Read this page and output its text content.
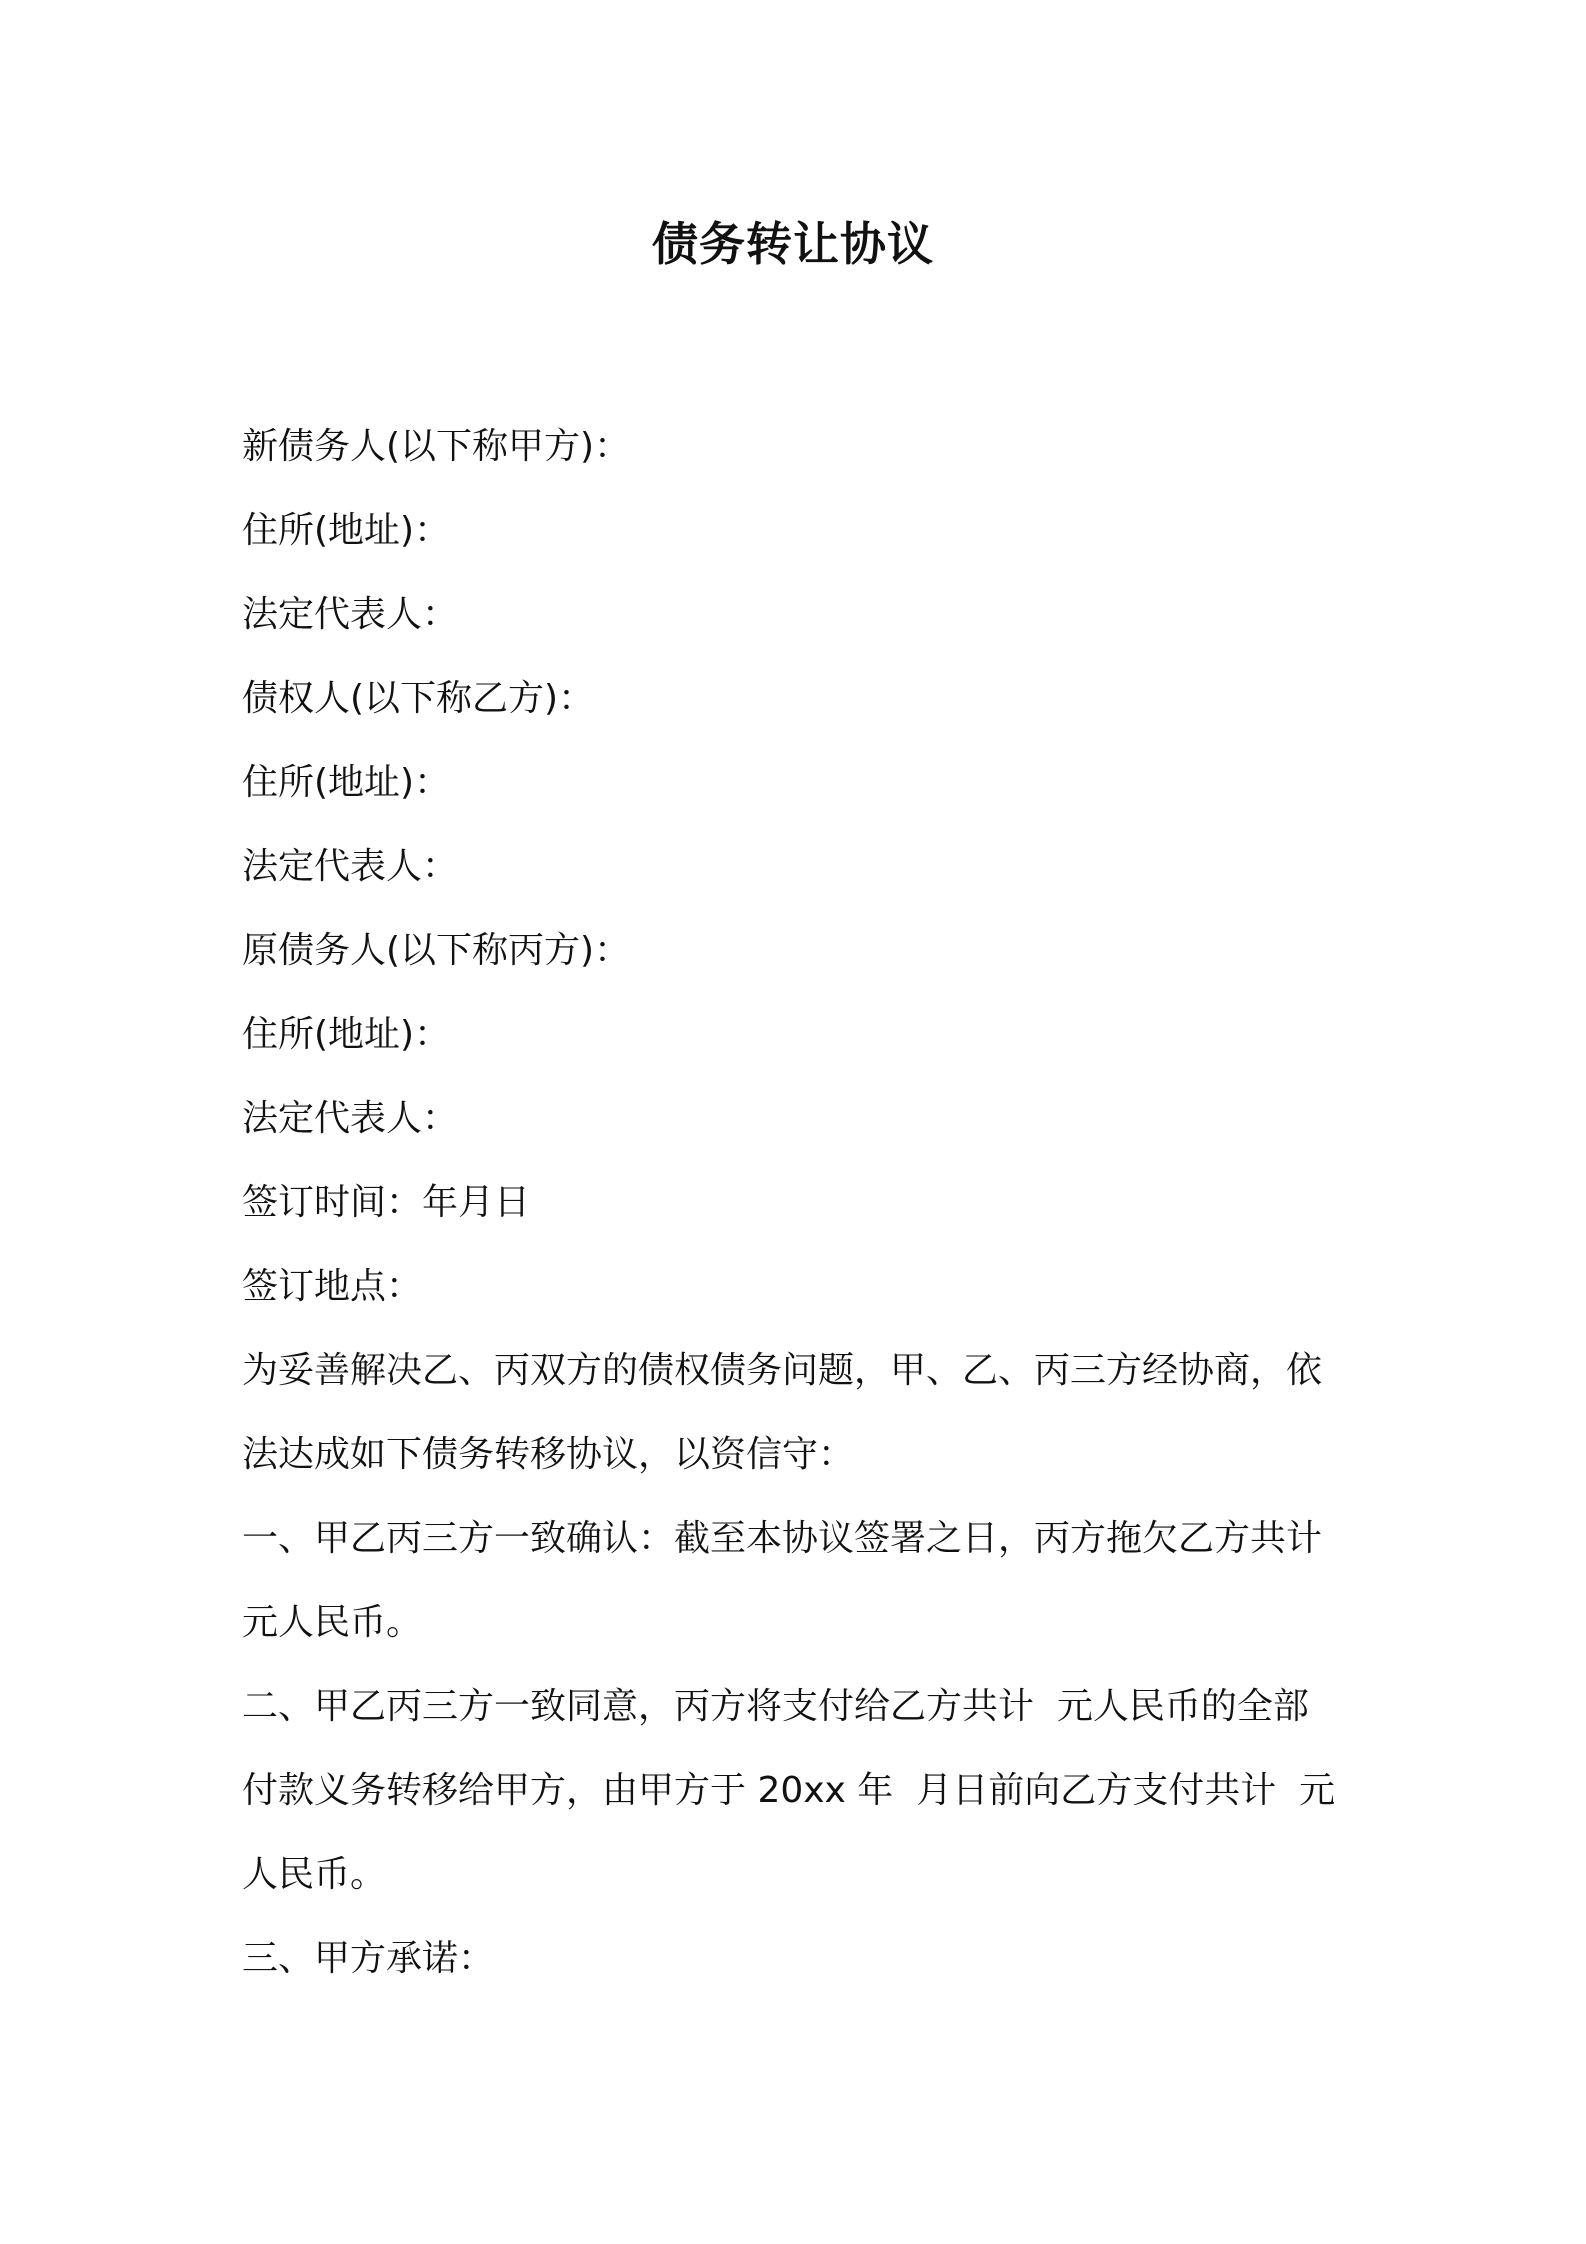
债务转让协议
新债务人(以下称甲方)：
住所(地址)：
法定代表人：
债权人(以下称乙方)：
住所(地址)：
法定代表人：
原债务人(以下称丙方)：
住所(地址)：
法定代表人：
签订时间：年月日
签订地点：
为妥善解决乙、丙双方的债权债务问题，甲、乙、丙三方经协商，依
法达成如下债务转移协议，以资信守：
一、甲乙丙三方一致确认：截至本协议签署之日，丙方拖欠乙方共计
元人民币。
二、甲乙丙三方一致同意，丙方将支付给乙方共计  元人民币的全部
付款义务转移给甲方，由甲方于 20xx 年  月日前向乙方支付共计  元
人民币。
三、甲方承诺：
